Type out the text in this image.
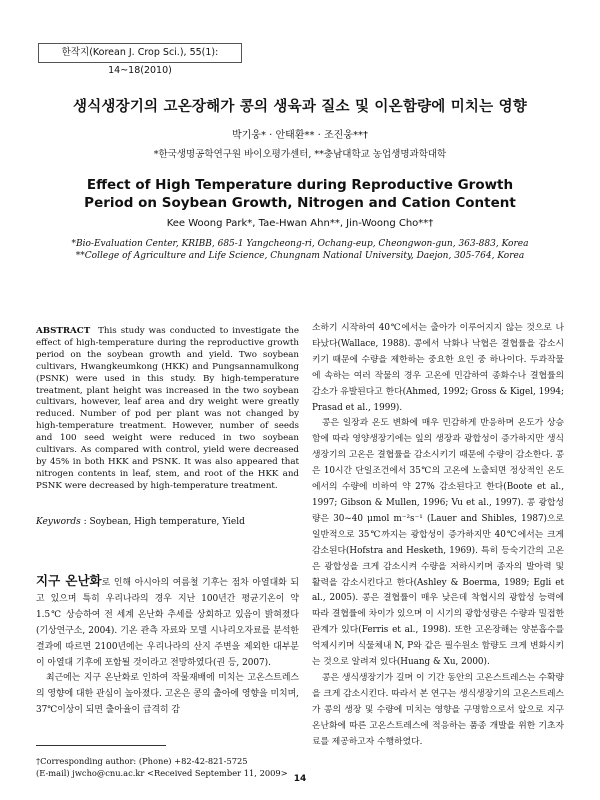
한작지(Korean J. Crop Sci.), 55(1): 14~18(2010)
생식생장기의 고온장해가 콩의 생육과 질소 및 이온함량에 미치는 영향
박기웅* · 안태환** · 조진웅**†
*한국생명공학연구원 바이오평가센터, **충남대학교 농업생명과학대학
Effect of High Temperature during Reproductive Growth Period on Soybean Growth, Nitrogen and Cation Content
Kee Woong Park*, Tae-Hwan Ahn**, Jin-Woong Cho**†
*Bio-Evaluation Center, KRIBB, 685-1 Yangcheong-ri, Ochang-eup, Cheongwon-gun, 363-883, Korea
**College of Agriculture and Life Science, Chungnam National University, Daejon, 305-764, Korea
ABSTRACT This study was conducted to investigate the effect of high-temperature during the reproductive growth period on the soybean growth and yield. Two soybean cultivars, Hwangkeumkong (HKK) and Pungsannamulkong (PSNK) were used in this study. By high-temperature treatment, plant height was increased in the two soybean cultivars, however, leaf area and dry weight were greatly reduced. Number of pod per plant was not changed by high-temperature treatment. However, number of seeds and 100 seed weight were reduced in two soybean cultivars. As compared with control, yield were decreased by 45% in both HKK and PSNK. It was also appeared that nitrogen contents in leaf, stem, and root of the HKK and PSNK were decreased by high-temperature treatment.
Keywords : Soybean, High temperature, Yield

지구 온난화로 인해 아시아의 여름철 기후는 점차 아열대화 되고 있으며 특히 우리나라의 경우 지난 100년간 평균기온이 약 1.5℃ 상승하여 전 세계 온난화 추세를 상회하고 있음이 밝혀졌다(기상연구소, 2004). 기온 관측 자료와 모델 시나리오자료를 분석한 결과에 따르면 2100년에는 우리나라의 산지 주변을 제외한 대부분이 아열대 기후에 포함될 것이라고 전망하였다(권 등, 2007).

최근에는 지구 온난화로 인하여 작물재배에 미치는 고온스트레스의 영향에 대한 관심이 높아졌다. 고온은 콩의 출아에 영향을 미치며, 37℃이상이 되면 출아율이 급격히 감

†Corresponding author: (Phone) +82-42-821-5725
(E-mail) jwcho@cnu.ac.kr <Received September 11, 2009>

소하기 시작하여 40℃에서는 출아가 이루어지지 않는 것으로 나타났다(Wallace, 1988). 콩에서 낙화나 낙협은 결협률을 감소시키기 때문에 수량을 제한하는 중요한 요인 중 하나이다. 두과작물에 속하는 여러 작물의 경우 고온에 민감하여 종화수나 결협률의 감소가 유발된다고 한다(Ahmed, 1992; Gross & Kigel, 1994; Prasad et al., 1999).

콩은 일장과 온도 변화에 매우 민감하게 반응하며 온도가 상승함에 따라 영양생장기에는 잎의 생장과 광합성이 증가하지만 생식생장기의 고온은 결협률을 감소시키기 때문에 수량이 감소한다. 콩은 10시간 단일조건에서 35℃의 고온에 노출되면 정상적인 온도에서의 수량에 비하여 약 27% 감소된다고 한다(Boote et al., 1997; Gibson & Mullen, 1996; Vu et al., 1997). 콩 광합성량은 30~40 μmol m⁻²s⁻¹ (Lauer and Shibles, 1987)으로 일반적으로 35℃까지는 광합성이 증가하지만 40℃에서는 크게 감소된다(Hofstra and Hesketh, 1969). 특히 등숙기간의 고온은 광합성을 크게 감소시켜 수량을 저하시키며 종자의 발아력 및 활력을 감소시킨다고 한다(Ashley & Boerma, 1989; Egli et al., 2005). 콩은 결협률이 매우 낮은데 착협시의 광합성 능력에 따라 결협률에 차이가 있으며 이 시기의 광합성량은 수량과 밀접한 관계가 있다(Ferris et al., 1998). 또한 고온장해는 양분흡수를 억제시키며 식물체내 N, P와 같은 필수원소 함량도 크게 변화시키는 것으로 알려져 있다(Huang & Xu, 2000).

콩은 생식생장기가 길며 이 기간 동안의 고온스트레스는 수확량을 크게 감소시킨다. 따라서 본 연구는 생식생장기의 고온스트레스가 콩의 생장 및 수량에 미치는 영향을 구명함으로서 앞으로 지구온난화에 따른 고온스트레스에 적응하는 품종 개발을 위한 기초자료를 제공하고자 수행하였다.

14
